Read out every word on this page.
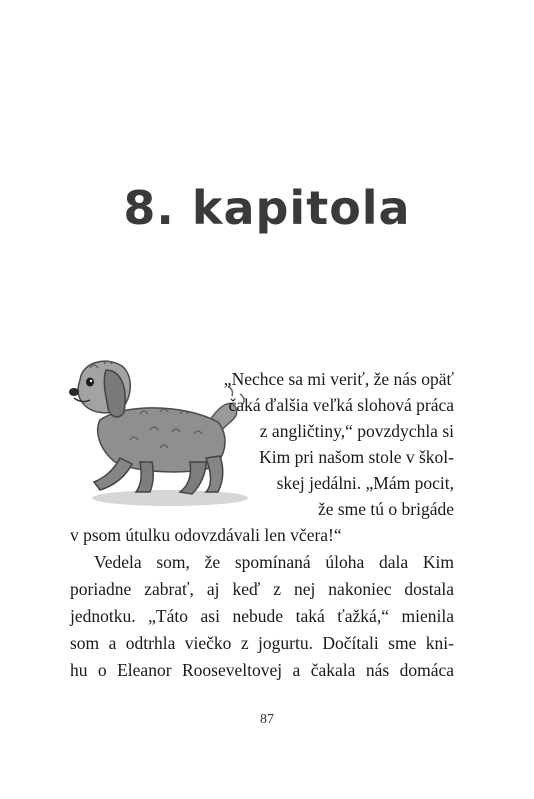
8. kapitola
„Nechce sa mi veriť, že nás opäť
čaká ďalšia veľká slohová práca
z angličtiny,“ povzdychla si
Kim pri našom stole v škol-
skej jedálni. „Mám pocit,
že sme tú o brigáde
v psom útulku odovzdávali len včera!“
Vedela som, že spomínaná úloha dala Kim
poriadne zabrať, aj keď z nej nakoniec dostala
jednotku. „Táto asi nebude taká ťažká,“ mienila
som a odtrhla viečko z jogurtu. Dočítali sme kni-
hu o Eleanor Rooseveltovej a čakala nás domáca
87
